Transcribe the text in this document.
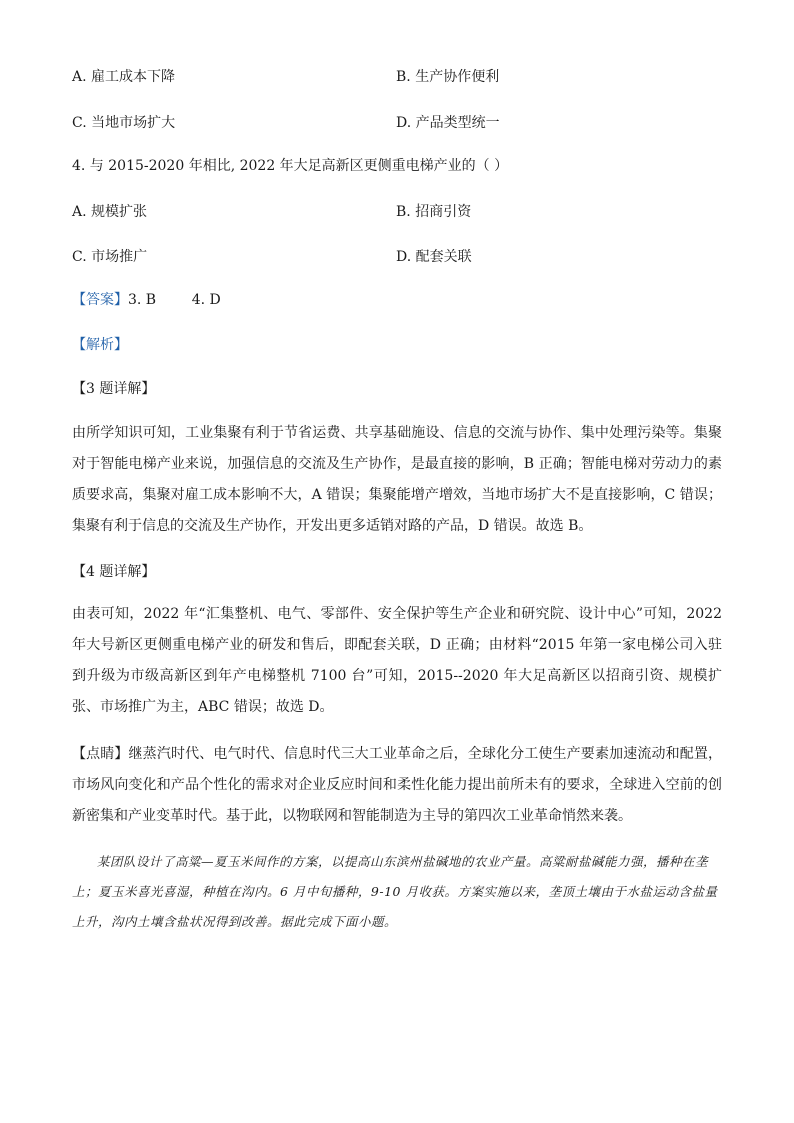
A. 雇工成本下降	B. 生产协作便利
C. 当地市场扩大	D. 产品类型统一
4. 与 2015-2020 年相比, 2022 年大足高新区更侧重电梯产业的（ ）
A. 规模扩张	B. 招商引资
C. 市场推广	D. 配套关联
【答案】3. B        4. D
【解析】
【3 题详解】
由所学知识可知，工业集聚有利于节省运费、共享基础施设、信息的交流与协作、集中处理污染等。集聚对于智能电梯产业来说，加强信息的交流及生产协作，是最直接的影响，B 正确；智能电梯对劳动力的素质要求高，集聚对雇工成本影响不大，A 错误；集聚能增产增效，当地市场扩大不是直接影响，C 错误；集聚有利于信息的交流及生产协作，开发出更多适销对路的产品，D 错误。故选 B。
【4 题详解】
由表可知，2022 年“汇集整机、电气、零部件、安全保护等生产企业和研究院、设计中心”可知，2022 年大号新区更侧重电梯产业的研发和售后，即配套关联，D 正确；由材料“2015 年第一家电梯公司入驻到升级为市级高新区到年产电梯整机 7100 台”可知，2015--2020 年大足高新区以招商引资、规模扩张、市场推广为主，ABC 错误；故选 D。
【点睛】继蒸汽时代、电气时代、信息时代三大工业革命之后，全球化分工使生产要素加速流动和配置，市场风向变化和产品个性化的需求对企业反应时间和柔性化能力提出前所未有的要求，全球进入空前的创新密集和产业变革时代。基于此，以物联网和智能制造为主导的第四次工业革命悄然来袭。
某团队设计了高粱—夏玉米间作的方案，以提高山东滨州盐碱地的农业产量。高粱耐盐碱能力强，播种在垄上；夏玉米喜光喜湿，种植在沟内。6 月中旬播种，9-10 月收获。方案实施以来，垄顶土壤由于水盐运动含盐量上升，沟内土壤含盐状况得到改善。据此完成下面小题。
